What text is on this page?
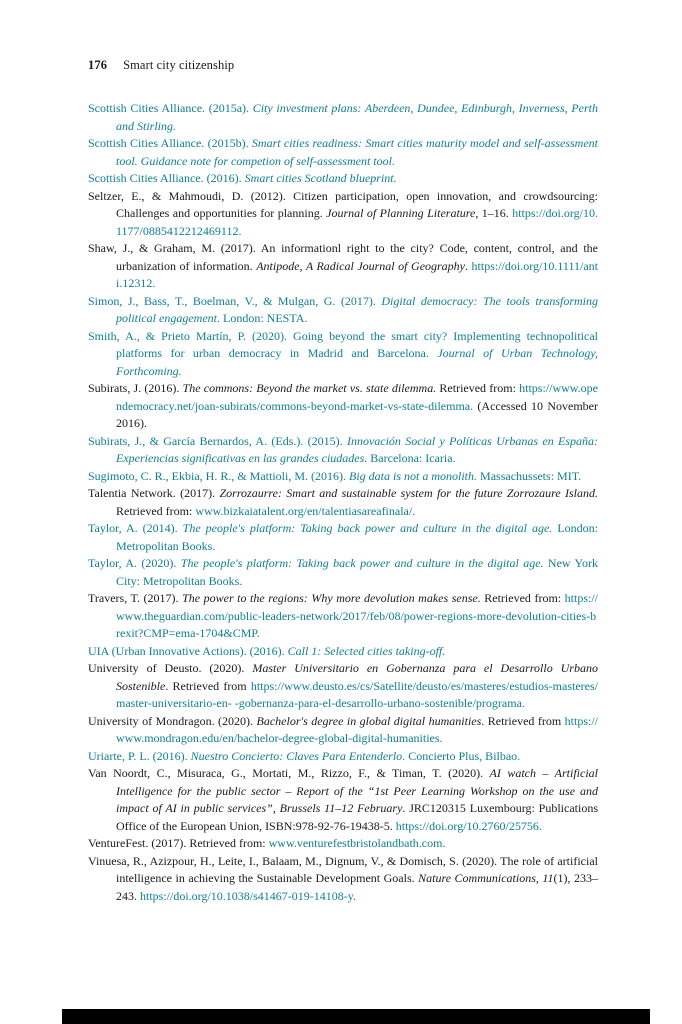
176 Smart city citizenship

Scottish Cities Alliance. (2015a). City investment plans: Aberdeen, Dundee, Edinburgh, Inverness, Perth and Stirling.

Scottish Cities Alliance. (2015b). Smart cities readiness: Smart cities maturity model and self-assessment tool. Guidance note for competion of self-assessment tool.

Scottish Cities Alliance. (2016). Smart cities Scotland blueprint.

Seltzer, E., & Mahmoudi, D. (2012). Citizen participation, open innovation, and crowdsourcing: Challenges and opportunities for planning. Journal of Planning Literature, 1–16. https://doi.org/10.1177/0885412212469112.

Shaw, J., & Graham, M. (2017). An informationl right to the city? Code, content, control, and the urbanization of information. Antipode, A Radical Journal of Geography. https://doi.org/10.1111/anti.12312.

Simon, J., Bass, T., Boelman, V., & Mulgan, G. (2017). Digital democracy: The tools transforming political engagement. London: NESTA.

Smith, A., & Prieto Martín, P. (2020). Going beyond the smart city? Implementing technopolitical platforms for urban democracy in Madrid and Barcelona. Journal of Urban Technology, Forthcoming.

Subirats, J. (2016). The commons: Beyond the market vs. state dilemma. Retrieved from: https://www.opendemocracy.net/joan-subirats/commons-beyond-market-vs-state-dilemma. (Accessed 10 November 2016).

Subirats, J., & García Bernardos, A. (Eds.). (2015). Innovación Social y Políticas Urbanas en España: Experiencias significativas en las grandes ciudades. Barcelona: Icaria.

Sugimoto, C. R., Ekbia, H. R., & Mattioli, M. (2016). Big data is not a monolith. Massachussets: MIT.

Talentia Network. (2017). Zorrozaurre: Smart and sustainable system for the future Zorrozaure Island. Retrieved from: www.bizkaiatalent.org/en/talentiasareafinala/.

Taylor, A. (2014). The people's platform: Taking back power and culture in the digital age. London: Metropolitan Books.

Taylor, A. (2020). The people's platform: Taking back power and culture in the digital age. New York City: Metropolitan Books.

Travers, T. (2017). The power to the regions: Why more devolution makes sense. Retrieved from: https://www.theguardian.com/public-leaders-network/2017/feb/08/power-regions-more-devolution-cities-brexit?CMP=ema-1704&CMP.

UIA (Urban Innovative Actions). (2016). Call 1: Selected cities taking-off.

University of Deusto. (2020). Master Universitario en Gobernanza para el Desarrollo Urbano Sostenible. Retrieved from https://www.deusto.es/cs/Satellite/deusto/es/masteres/estudios-masteres/master-universitario-en- -gobernanza-para-el-desarrollo-urbano-sostenible/programa.

University of Mondragon. (2020). Bachelor's degree in global digital humanities. Retrieved from https://www.mondragon.edu/en/bachelor-degree-global-digital-humanities.

Uriarte, P. L. (2016). Nuestro Concierto: Claves Para Entenderlo. Concierto Plus, Bilbao.

Van Noordt, C., Misuraca, G., Mortati, M., Rizzo, F., & Timan, T. (2020). AI watch – Artificial Intelligence for the public sector – Report of the “1st Peer Learning Workshop on the use and impact of AI in public services”, Brussels 11–12 February. JRC120315 Luxembourg: Publications Office of the European Union, ISBN:978-92-76-19438-5. https://doi.org/10.2760/25756.

VentureFest. (2017). Retrieved from: www.venturefestbristolandbath.com.

Vinuesa, R., Azizpour, H., Leite, I., Balaam, M., Dignum, V., & Domisch, S. (2020). The role of artificial intelligence in achieving the Sustainable Development Goals. Nature Communications, 11(1), 233–243. https://doi.org/10.1038/s41467-019-14108-y.
